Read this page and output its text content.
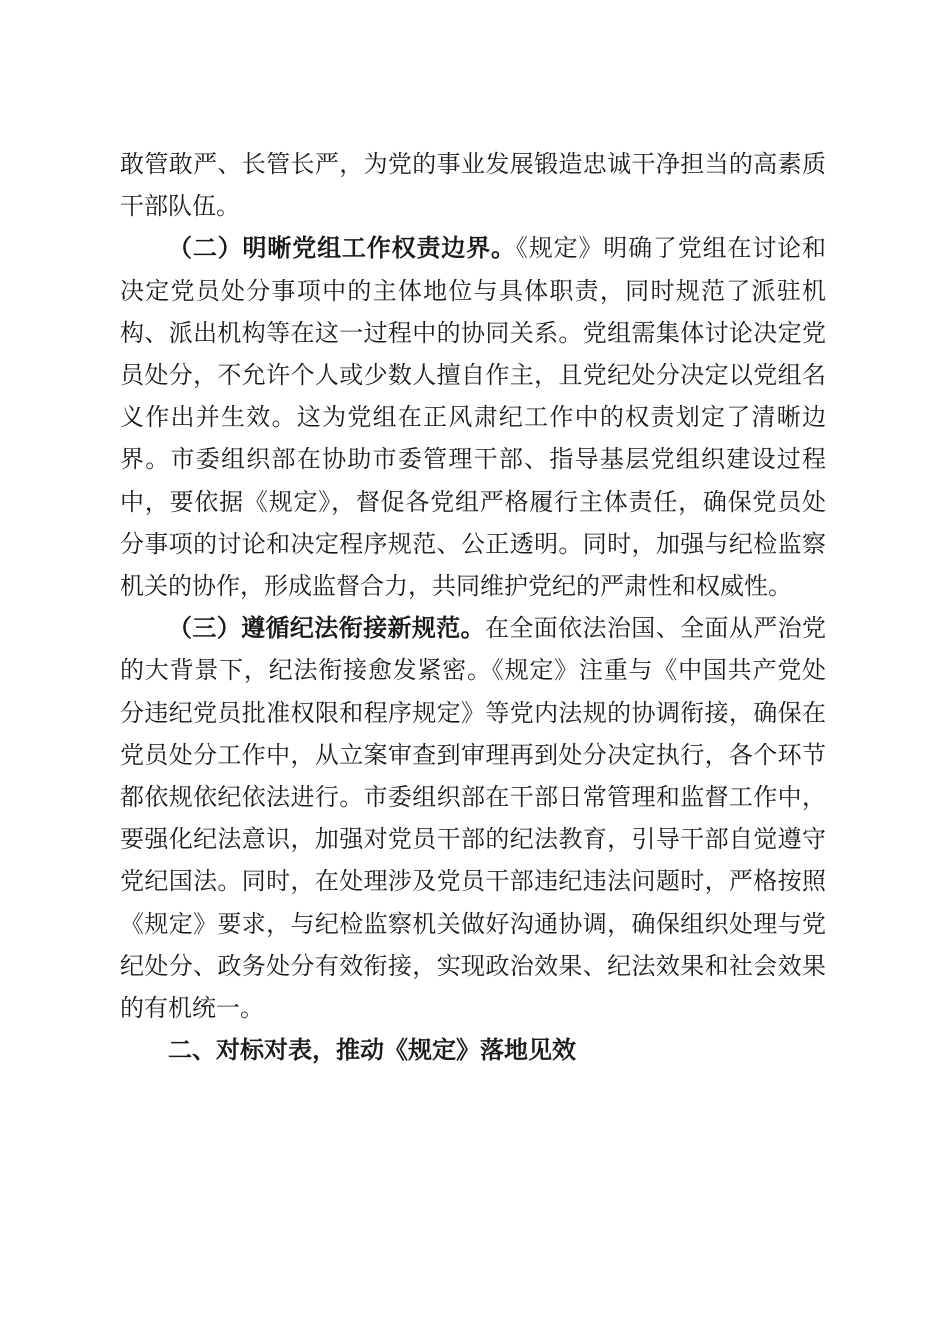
敢管敢严、长管长严，为党的事业发展锻造忠诚干净担当的高素质干部队伍。

（二）明晰党组工作权责边界。《规定》明确了党组在讨论和决定党员处分事项中的主体地位与具体职责，同时规范了派驻机构、派出机构等在这一过程中的协同关系。党组需集体讨论决定党员处分，不允许个人或少数人擅自作主，且党纪处分决定以党组名义作出并生效。这为党组在正风肃纪工作中的权责划定了清晰边界。市委组织部在协助市委管理干部、指导基层党组织建设过程中，要依据《规定》，督促各党组严格履行主体责任，确保党员处分事项的讨论和决定程序规范、公正透明。同时，加强与纪检监察机关的协作，形成监督合力，共同维护党纪的严肃性和权威性。

（三）遵循纪法衔接新规范。在全面依法治国、全面从严治党的大背景下，纪法衔接愈发紧密。《规定》注重与《中国共产党处分违纪党员批准权限和程序规定》等党内法规的协调衔接，确保在党员处分工作中，从立案审查到审理再到处分决定执行，各个环节都依规依纪依法进行。市委组织部在干部日常管理和监督工作中，要强化纪法意识，加强对党员干部的纪法教育，引导干部自觉遵守党纪国法。同时，在处理涉及党员干部违纪违法问题时，严格按照《规定》要求，与纪检监察机关做好沟通协调，确保组织处理与党纪处分、政务处分有效衔接，实现政治效果、纪法效果和社会效果的有机统一。

二、对标对表，推动《规定》落地见效
